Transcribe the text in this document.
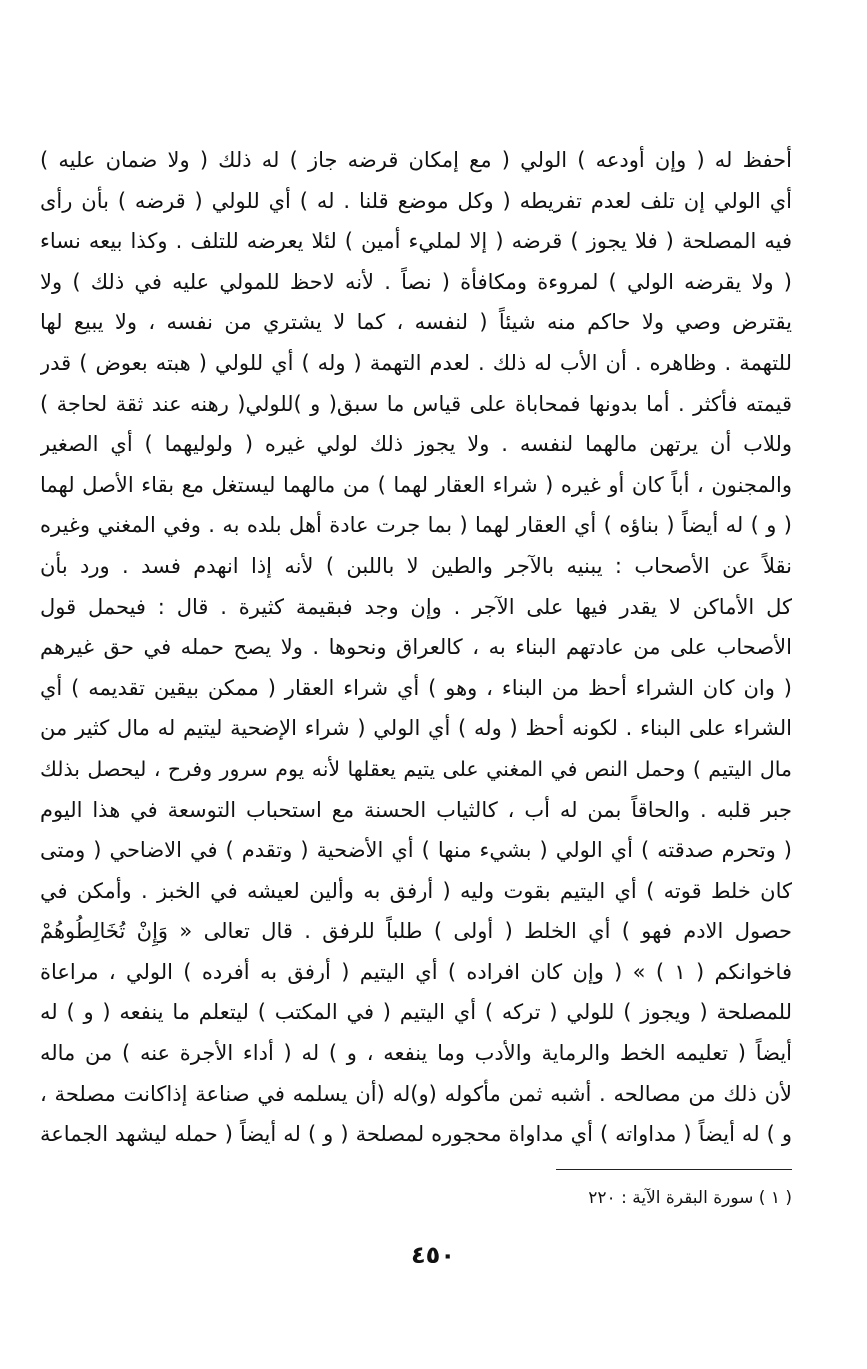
أحفظ له ( وإن أودعه ) الولي ( مع إمكان قرضه جاز ) له ذلك ( ولا ضمان عليه )
أي الولي إن تلف لعدم تفريطه ( وكل موضع قلنا . له ) أي للولي ( قرضه ) بأن رأى
فيه المصلحة ( فلا يجوز ) قرضه ( إلا لمليء أمين ) لئلا يعرضه للتلف . وكذا بيعه نساء
( ولا يقرضه الولي ) لمروءة ومكافأة ( نصاً . لأنه لاحظ للمولي عليه في ذلك ) ولا
يقترض وصي ولا حاكم منه شيئاً ( لنفسه ، كما لا يشتري من نفسه ، ولا يبيع لها
للتهمة . وظاهره . أن الأب له ذلك . لعدم التهمة ( وله ) أي للولي ( هبته بعوض ) قدر
قيمته فأكثر . أما بدونها فمحاباة على قياس ما سبق( و )للولي( رهنه عند ثقة لحاجة )
وللاب أن يرتهن مالهما لنفسه . ولا يجوز ذلك لولي غيره ( ولوليهما ) أي الصغير
والمجنون ، أباً كان أو غيره ( شراء العقار لهما ) من مالهما ليستغل مع بقاء الأصل لهما
( و ) له أيضاً ( بناؤه ) أي العقار لهما ( بما جرت عادة أهل بلده به . وفي المغني وغيره
نقلاً عن الأصحاب : يبنيه بالآجر والطين لا باللبن ) لأنه إذا انهدم فسد . ورد بأن
كل الأماكن لا يقدر فيها على الآجر . وإن وجد فبقيمة كثيرة . قال : فيحمل قول
الأصحاب على من عادتهم البناء به ، كالعراق ونحوها . ولا يصح حمله في حق غيرهم
( وان كان الشراء أحظ من البناء ، وهو ) أي شراء العقار ( ممكن بيقين تقديمه ) أي
الشراء على البناء . لكونه أحظ ( وله ) أي الولي ( شراء الإضحية ليتيم له مال كثير من
مال اليتيم ) وحمل النص في المغني على يتيم يعقلها لأنه يوم سرور وفرح ، ليحصل بذلك
جبر قلبه . والحاقاً بمن له أب ، كالثياب الحسنة مع استحباب التوسعة في هذا اليوم
( وتحرم صدقته ) أي الولي ( بشيء منها ) أي الأضحية ( وتقدم ) في الاضاحي ( ومتى
كان خلط قوته ) أي اليتيم بقوت وليه ( أرفق به وألين لعيشه في الخبز . وأمكن في
حصول الادم فهو ) أي الخلط ( أولى ) طلباً للرفق . قال تعالى « وَإِنْ تُخَالِطُوهُمْ
فاخوانكم ( ١ ) » ( وإن كان افراده ) أي اليتيم ( أرفق به أفرده ) الولي ، مراعاة
للمصلحة ( ويجوز ) للولي ( تركه ) أي اليتيم ( في المكتب ) ليتعلم ما ينفعه ( و ) له
أيضاً ( تعليمه الخط والرماية والأدب وما ينفعه ، و ) له ( أداء الأجرة عنه ) من ماله
لأن ذلك من مصالحه . أشبه ثمن مأكوله (و)له (أن يسلمه في صناعة إذاكانت مصلحة ،
و ) له أيضاً ( مداواته ) أي مداواة محجوره لمصلحة ( و ) له أيضاً ( حمله ليشهد الجماعة
( ١ ) سورة البقرة الآية : ٢٢٠
٤٥٠
